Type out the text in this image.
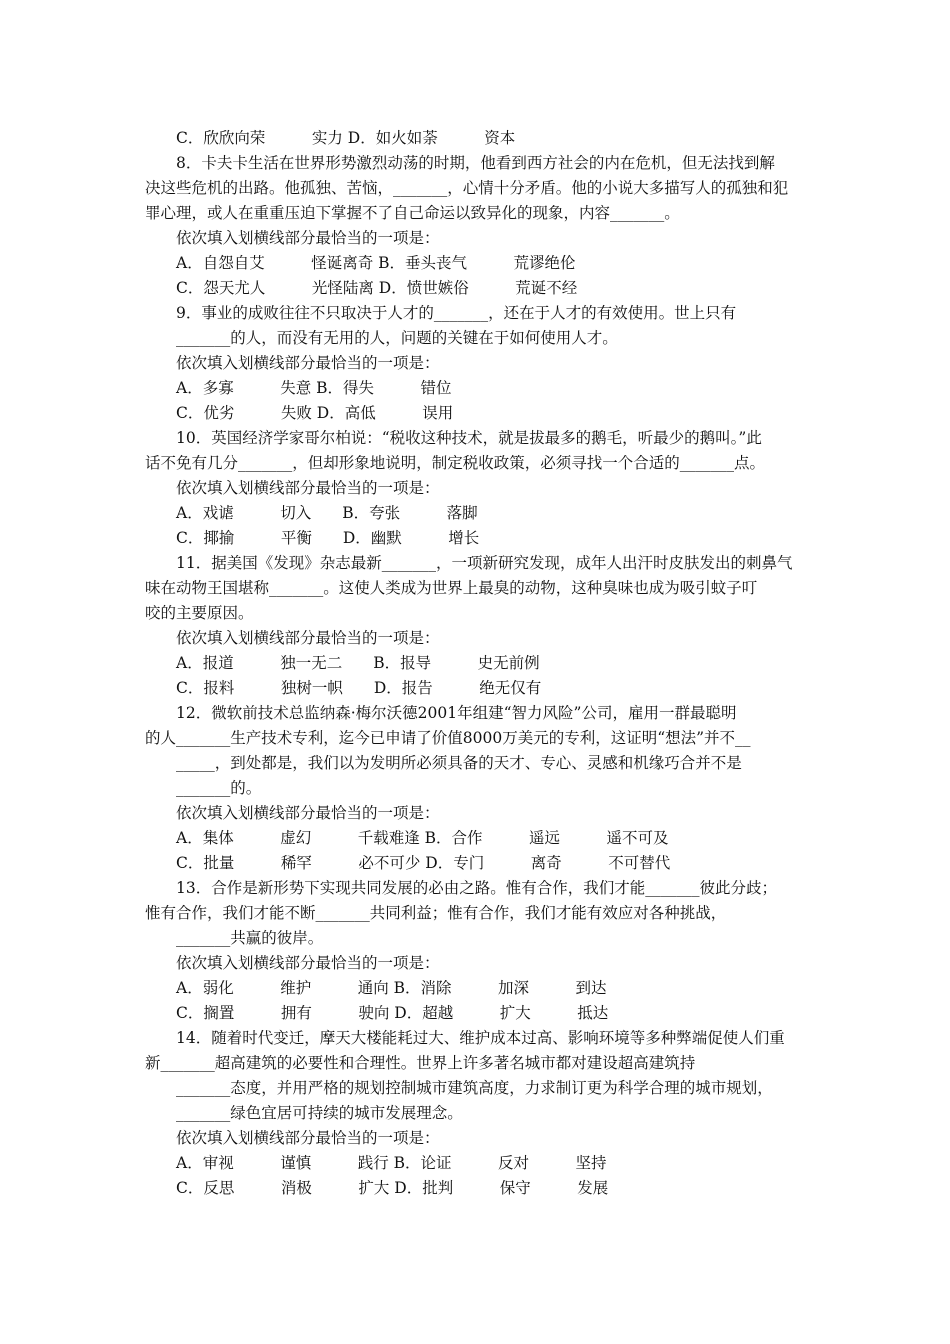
C．欣欣向荣　　　实力 D．如火如荼　　　资本
8．卡夫卡生活在世界形势激烈动荡的时期，他看到西方社会的内在危机，但无法找到解
决这些危机的出路。他孤独、苦恼，_______，心情十分矛盾。他的小说大多描写人的孤独和犯
罪心理，或人在重重压迫下掌握不了自己命运以致异化的现象，内容_______。
依次填入划横线部分最恰当的一项是：
A．自怨自艾　　　怪诞离奇 B．垂头丧气　　　荒谬绝伦
C．怨天尤人　　　光怪陆离 D．愤世嫉俗　　　荒诞不经
9．事业的成败往往不只取决于人才的_______，还在于人才的有效使用。世上只有
_______的人，而没有无用的人，问题的关键在于如何使用人才。
依次填入划横线部分最恰当的一项是：
A．多寡　　　失意 B．得失　　　错位
C．优劣　　　失败 D．高低　　　误用
10．英国经济学家哥尔柏说：“税收这种技术，就是拔最多的鹅毛，听最少的鹅叫。”此
话不免有几分_______，但却形象地说明，制定税收政策，必须寻找一个合适的_______点。
依次填入划横线部分最恰当的一项是：
A．戏谑　　　切入　　B．夸张　　　落脚
C．揶揄　　　平衡　　D．幽默　　　增长
11．据美国《发现》杂志最新_______，一项新研究发现，成年人出汗时皮肤发出的刺鼻气
味在动物王国堪称_______。这使人类成为世界上最臭的动物，这种臭味也成为吸引蚊子叮
咬的主要原因。
依次填入划横线部分最恰当的一项是：
A．报道　　　独一无二　　B．报导　　　史无前例
C．报料　　　独树一帜　　D．报告　　　绝无仅有
12．微软前技术总监纳森·梅尔沃德2001年组建“智力风险”公司，雇用一群最聪明
的人_______生产技术专利，迄今已申请了价值8000万美元的专利，这证明“想法”并不__
_____，到处都是，我们以为发明所必须具备的天才、专心、灵感和机缘巧合并不是
_______的。
依次填入划横线部分最恰当的一项是：
A．集体　　　虚幻　　　千载难逢 B．合作　　　遥远　　　遥不可及
C．批量　　　稀罕　　　必不可少 D．专门　　　离奇　　　不可替代
13．合作是新形势下实现共同发展的必由之路。惟有合作，我们才能_______彼此分歧；
惟有合作，我们才能不断_______共同利益；惟有合作，我们才能有效应对各种挑战，
_______共赢的彼岸。
依次填入划横线部分最恰当的一项是：
A．弱化　　　维护　　　通向 B．消除　　　加深　　　到达
C．搁置　　　拥有　　　驶向 D．超越　　　扩大　　　抵达
14．随着时代变迁，摩天大楼能耗过大、维护成本过高、影响环境等多种弊端促使人们重
新_______超高建筑的必要性和合理性。世界上许多著名城市都对建设超高建筑持
_______态度，并用严格的规划控制城市建筑高度，力求制订更为科学合理的城市规划，
_______绿色宜居可持续的城市发展理念。
依次填入划横线部分最恰当的一项是：
A．审视　　　谨慎　　　践行 B．论证　　　反对　　　坚持
C．反思　　　消极　　　扩大 D．批判　　　保守　　　发展
